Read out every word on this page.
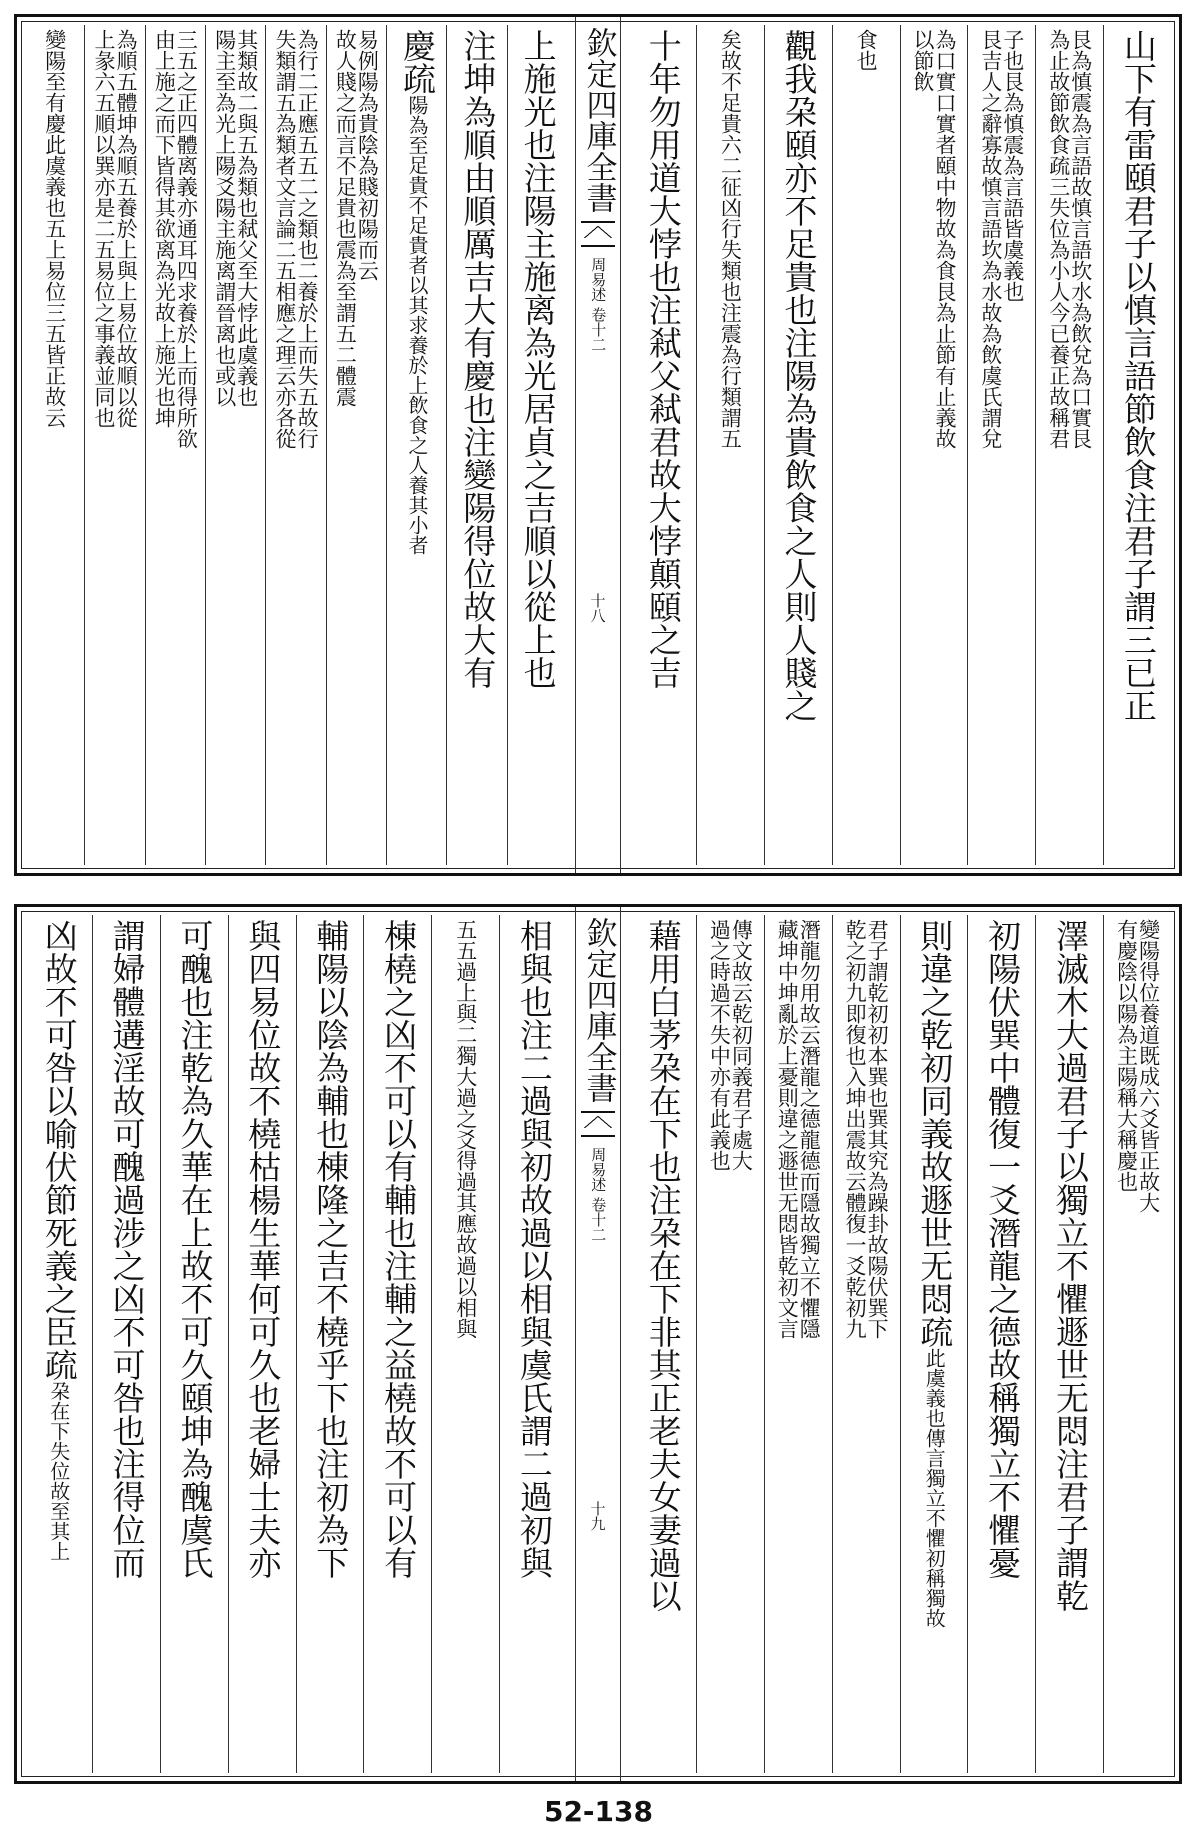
山下有雷頤君子以慎言語節飲食注君子謂三已正
艮為慎震為言語故慎言語坎水為飲兌為口實艮
為止故節飲食疏三失位為小人今已養正故稱君
子也艮為慎震為言語皆虞義也
艮吉人之辭寡故慎言語坎為水故為飲虞氏謂兌
為口實口實者頤中物故為食艮為止節有止義故
以節飲
食也
觀我朶頤亦不足貴也注陽為貴飲食之人則人賤之
矣故不足貴六二征凶行失類也注震為行類謂五
十年勿用道大悖也注弒父弒君故大悖顛頤之吉
欽定四庫全書
周易述 卷十二
十八
上施光也注陽主施离為光居貞之吉順以從上也
注坤為順由順厲吉大有慶也注變陽得位故大有
慶疏陽為至足貴不足貴者以其求養於上飲食之人養其小者
易例陽為貴陰為賤初陽而云
故人賤之而言不足貴也震為至謂五二體震
為行二正應五五二之類也二養於上而失五故行
失類謂五為類者文言論二五相應之理云亦各從
其類故二與五為類也弒父至大悖此虞義也
陽主至為光上陽爻陽主施离謂晉离也或以
三五之正四體离義亦通耳四求養於上而得所欲
由上施之而下皆得其欲离為光故上施光也坤
為順五體坤為順五養於上與上易位故順以從
上彖六五順以巽亦是二五易位之事義並同也
變陽至有慶此虞義也五上易位三五皆正故云
變陽得位養道既成六爻皆正故大
有慶陰以陽為主陽稱大稱慶也
澤滅木大過君子以獨立不懼遯世无悶注君子謂乾
初陽伏巽中體復一爻潛龍之德故稱獨立不懼憂
則違之乾初同義故遯世无悶疏此虞義也傳言獨立不懼初稱獨故
君子謂乾初初本巽也巽其究為躁卦故陽伏巽下
乾之初九即復也入坤出震故云體復一爻乾初九
潛龍勿用故云潛龍之德龍德而隱故獨立不懼隱
藏坤中坤亂於上憂則違之遯世无悶皆乾初文言
傳文故云乾初同義君子處大
過之時過不失中亦有此義也
藉用白茅朶在下也注朶在下非其正老夫女妻過以
欽定四庫全書
周易述 卷十二
十九
相與也注二過與初故過以相與虞氏謂二過初與
五五過上與二獨大過之爻得過其應故過以相與
棟橈之凶不可以有輔也注輔之益橈故不可以有
輔陽以陰為輔也棟隆之吉不橈乎下也注初為下
與四易位故不橈枯楊生華何可久也老婦士夫亦
可醜也注乾為久華在上故不可久頤坤為醜虞氏
謂婦體遘淫故可醜過涉之凶不可咎也注得位而
凶故不可咎以喻伏節死義之臣疏朶在下失位故至其上
52-138
